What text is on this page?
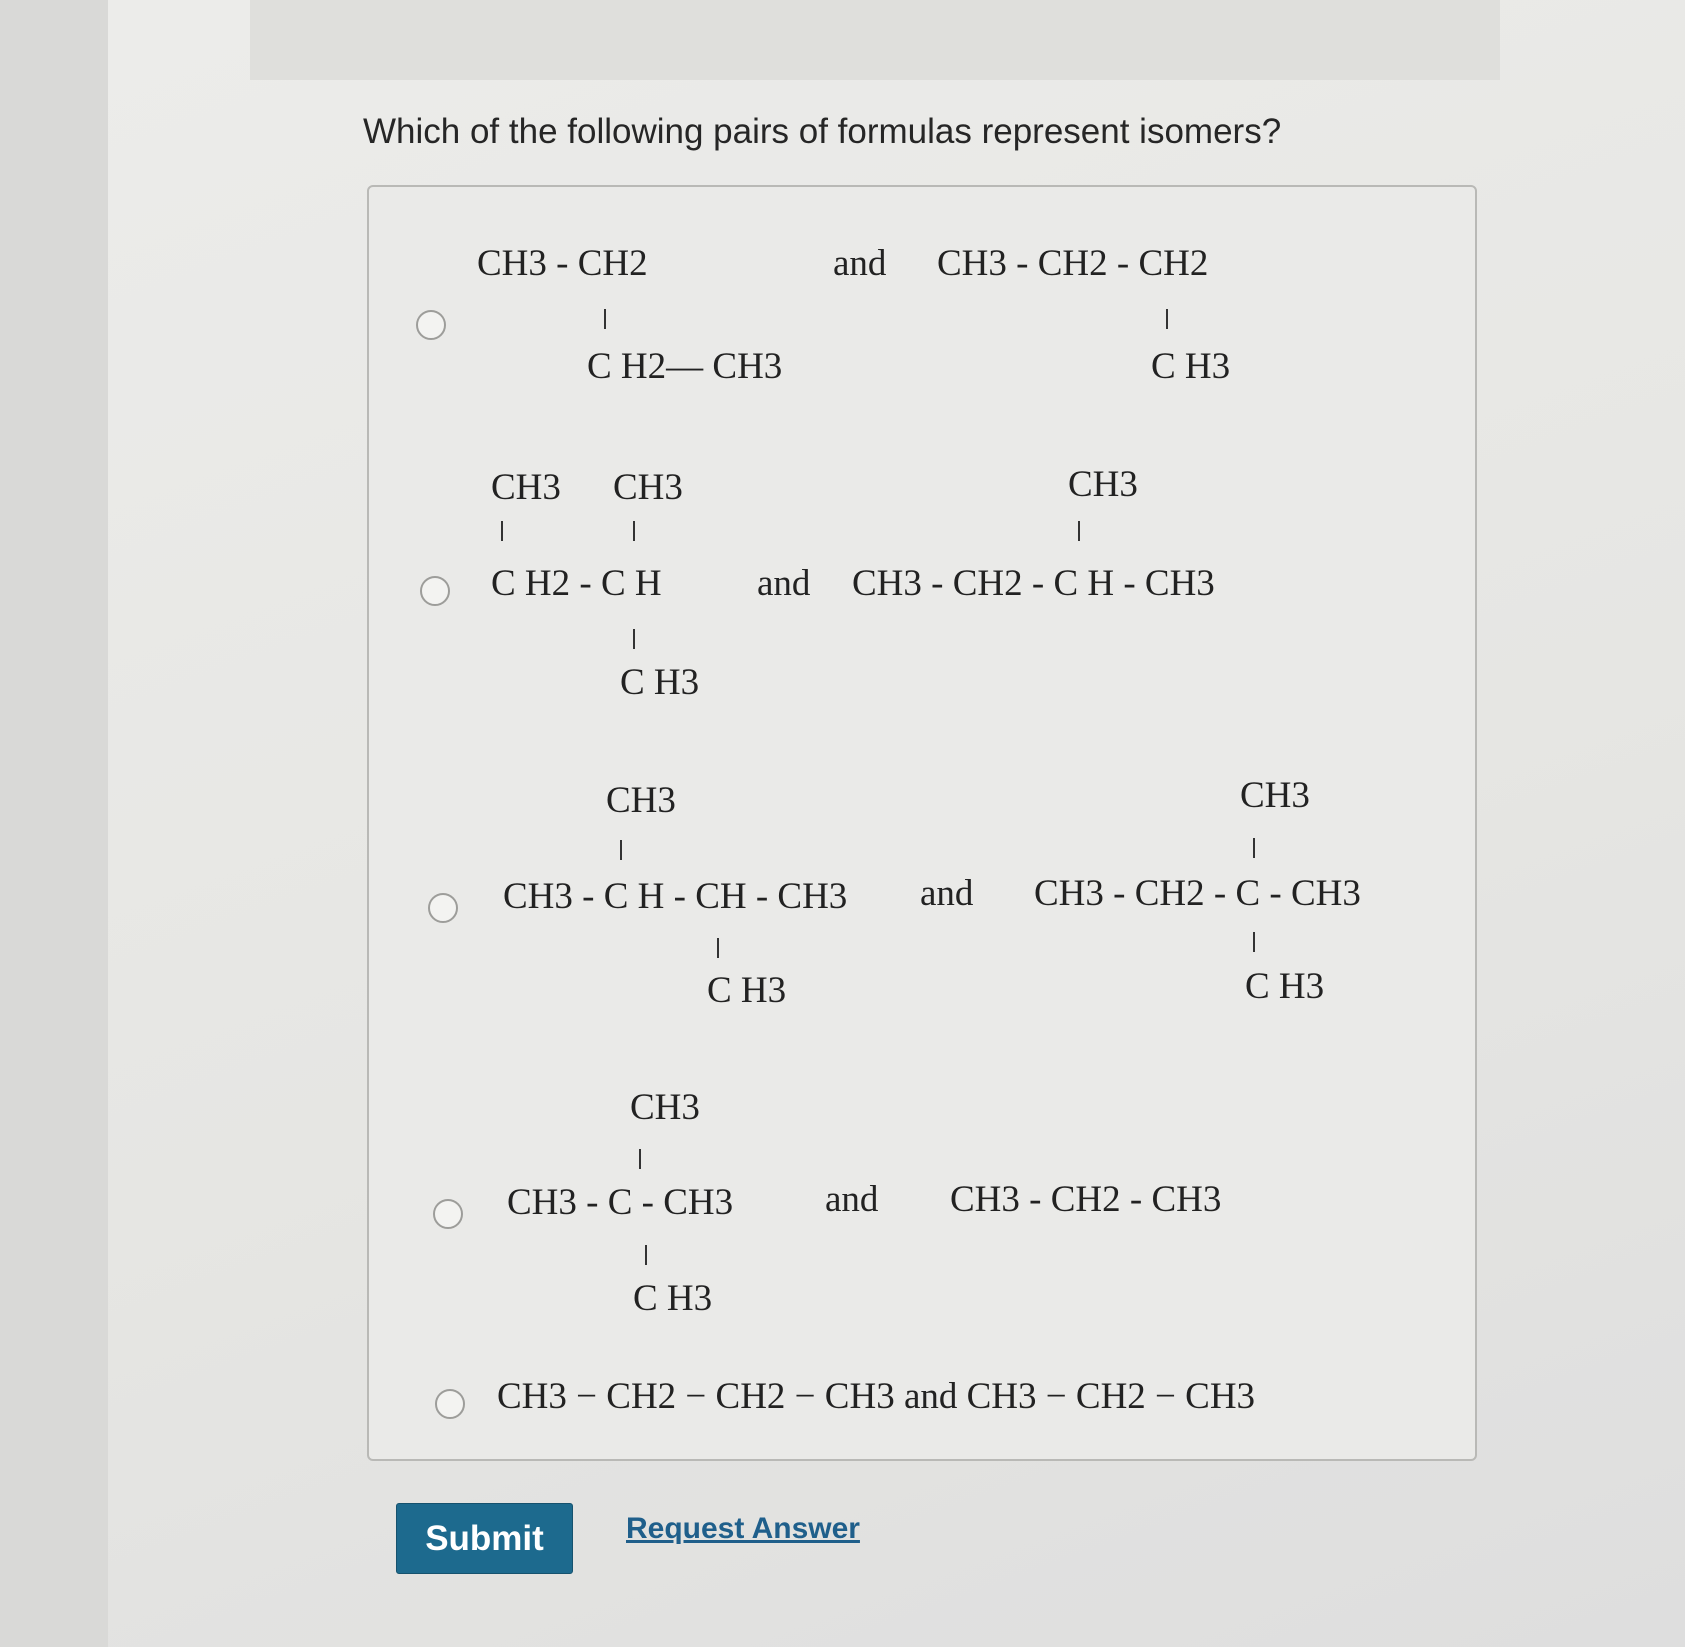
Which of the following pairs of formulas represent isomers?
CH3 - CH2
C H2— CH3
and CH3 - CH2 - CH2
C H3
CH3 CH3
C H2 - C H
C H3
and
CH3
CH3 - CH2 - C H - CH3
CH3
CH3 - C H - CH - CH3
C H3
and
CH3
CH3 - CH2 - C - CH3
C H3
CH3
CH3 - C - CH3
C H3
and CH3 - CH2 - CH3
CH3 − CH2 − CH2 − CH3 and CH3 − CH2 − CH3
Submit	Request Answer
